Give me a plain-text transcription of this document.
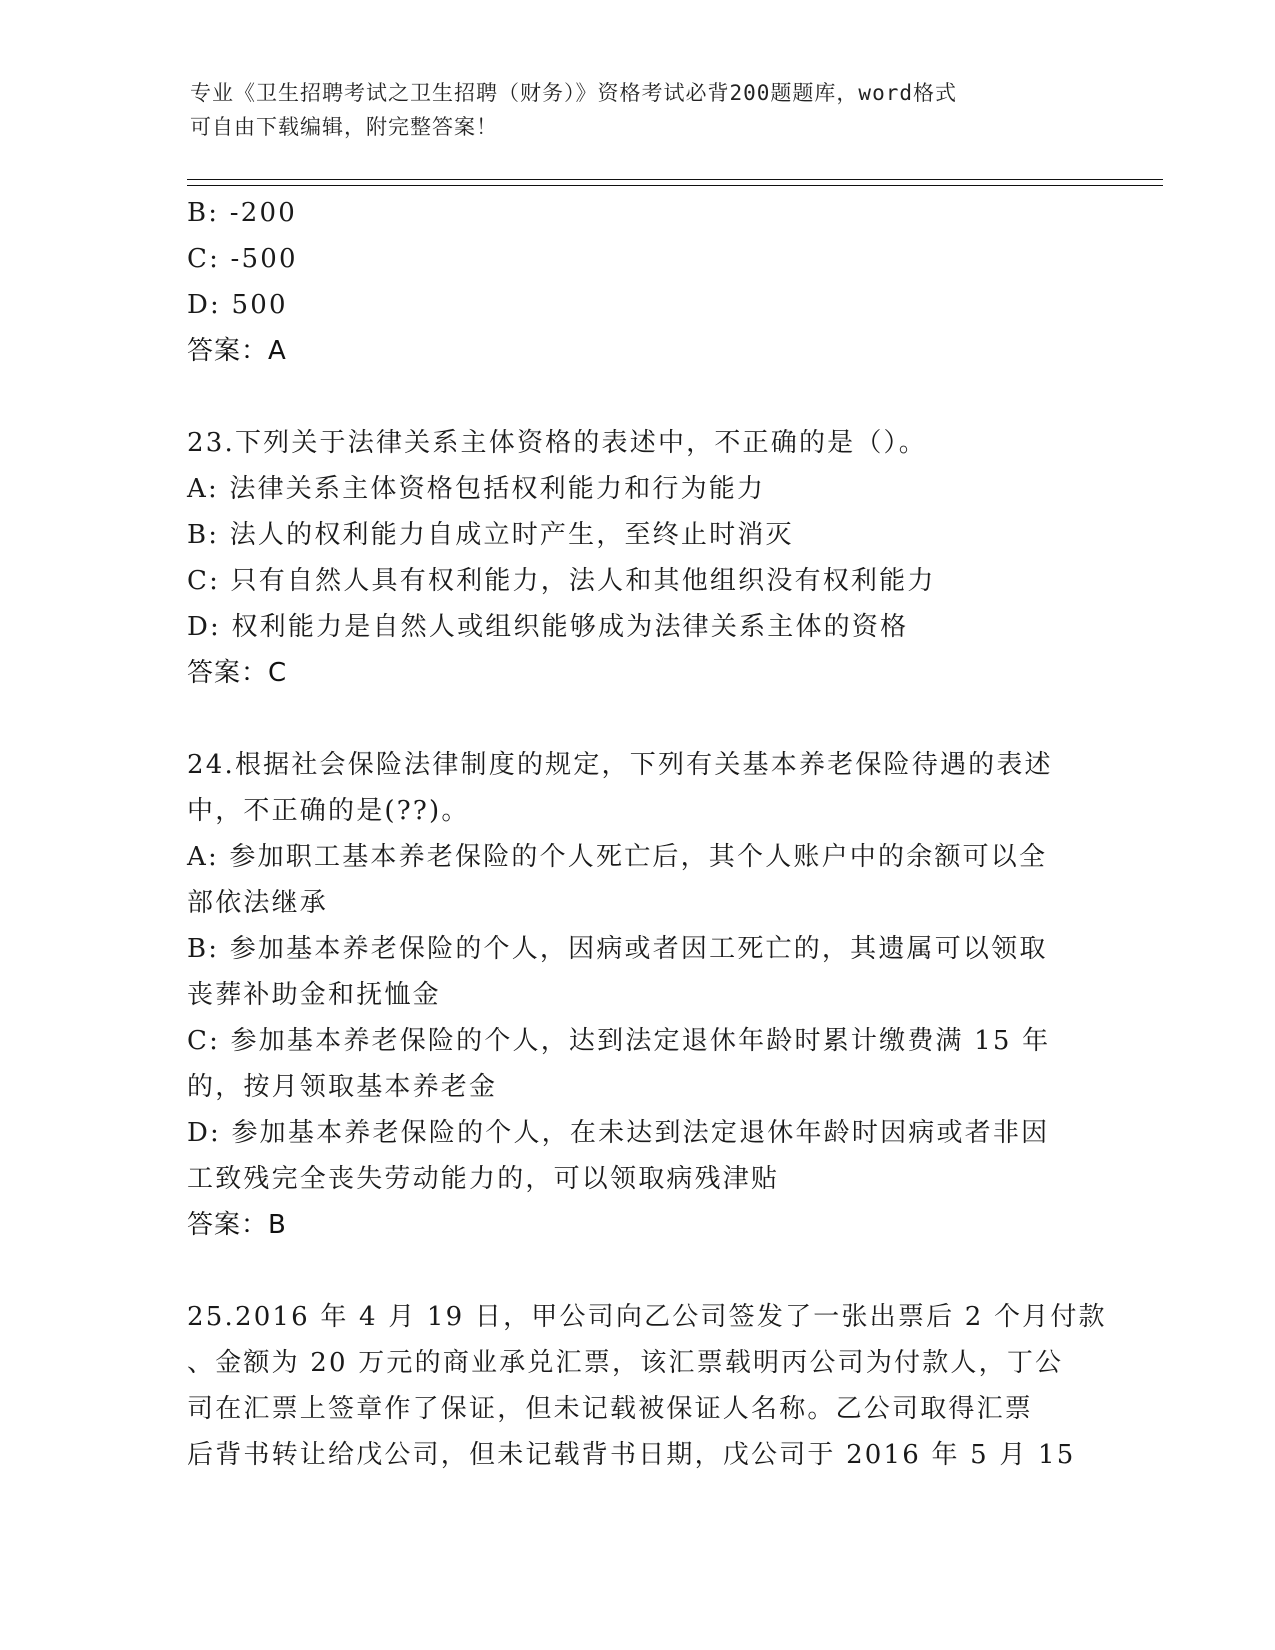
专业《卫生招聘考试之卫生招聘（财务）》资格考试必背200题题库，word格式
可自由下载编辑，附完整答案！
B: -200
C: -500
D: 500
答案：A
23.下列关于法律关系主体资格的表述中，不正确的是（）。
A: 法律关系主体资格包括权利能力和行为能力
B: 法人的权利能力自成立时产生，至终止时消灭
C: 只有自然人具有权利能力，法人和其他组织没有权利能力
D: 权利能力是自然人或组织能够成为法律关系主体的资格
答案：C
24.根据社会保险法律制度的规定，下列有关基本养老保险待遇的表述
中，不正确的是(??)。
A: 参加职工基本养老保险的个人死亡后，其个人账户中的余额可以全
部依法继承
B: 参加基本养老保险的个人，因病或者因工死亡的，其遗属可以领取
丧葬补助金和抚恤金
C: 参加基本养老保险的个人，达到法定退休年龄时累计缴费满 15 年
的，按月领取基本养老金
D: 参加基本养老保险的个人，在未达到法定退休年龄时因病或者非因
工致残完全丧失劳动能力的，可以领取病残津贴
答案：B
25.2016 年 4 月 19 日，甲公司向乙公司签发了一张出票后 2 个月付款
、金额为 20 万元的商业承兑汇票，该汇票载明丙公司为付款人，丁公
司在汇票上签章作了保证，但未记载被保证人名称。乙公司取得汇票
后背书转让给戊公司，但未记载背书日期，戊公司于 2016 年 5 月 15
